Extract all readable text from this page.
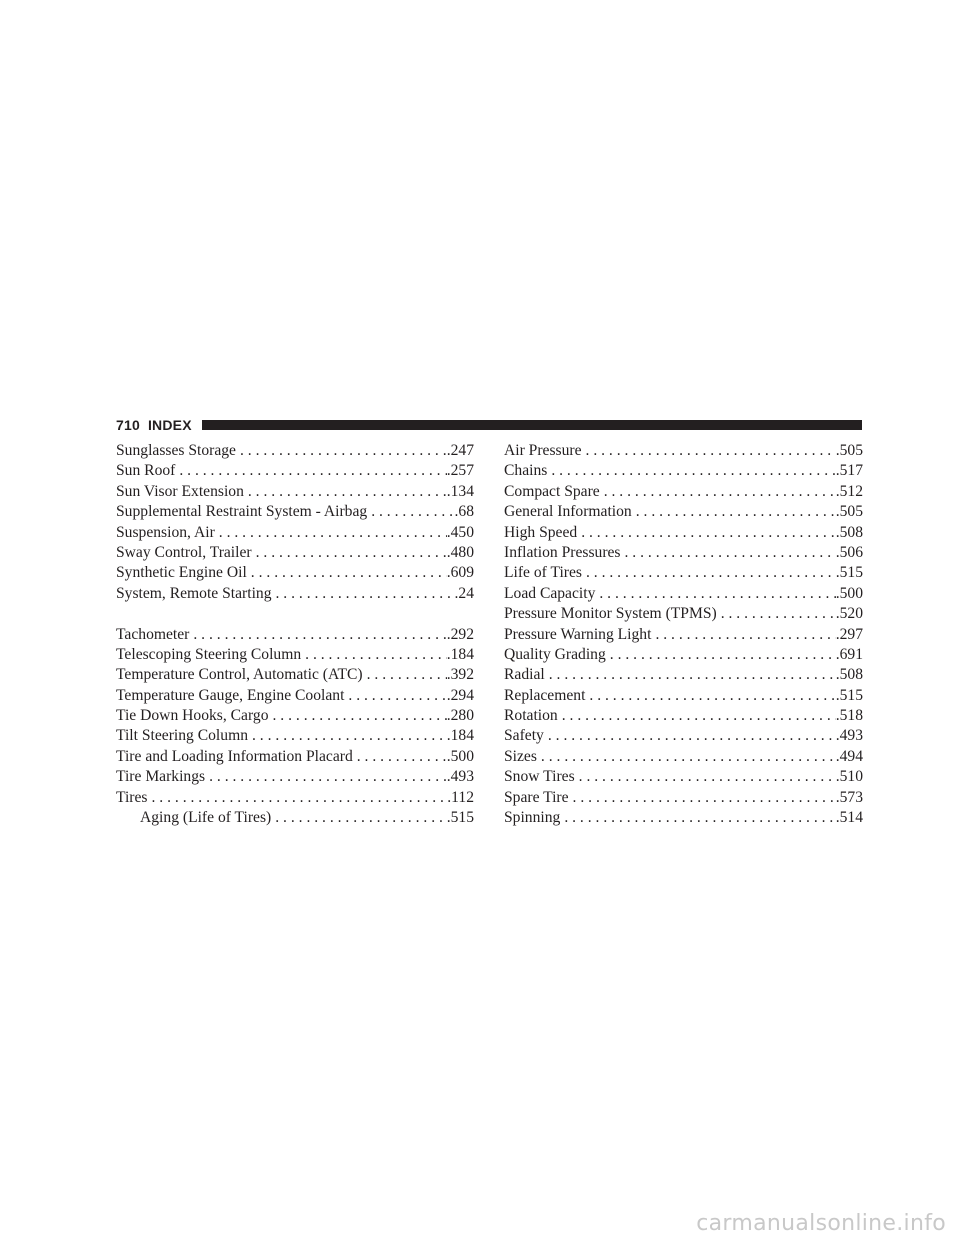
710 INDEX
Sunglasses Storage . . .	.247
Sun Roof . . .	.257
Sun Visor Extension . . .	.134
Supplemental Restraint System - Airbag . . .	.68
Suspension, Air . . .	.450
Sway Control, Trailer . . .	.480
Synthetic Engine Oil . . .	.609
System, Remote Starting . . .	.24
Tachometer . . .	.292
Telescoping Steering Column . . .	.184
Temperature Control, Automatic (ATC) . . .	.392
Temperature Gauge, Engine Coolant . . .	.294
Tie Down Hooks, Cargo . . .	.280
Tilt Steering Column . . .	.184
Tire and Loading Information Placard . . .	.500
Tire Markings . . .	.493
Tires . . .	.112
Aging (Life of Tires) . . .	.515
Air Pressure . . .	.505
Chains . . .	.517
Compact Spare . . .	.512
General Information . . .	.505
High Speed . . .	.508
Inflation Pressures . . .	.506
Life of Tires . . .	.515
Load Capacity . . .	.500
Pressure Monitor System (TPMS) . . .	.520
Pressure Warning Light . . .	.297
Quality Grading . . .	.691
Radial . . .	.508
Replacement . . .	.515
Rotation . . .	.518
Safety . . .	.493
Sizes . . .	.494
Snow Tires . . .	.510
Spare Tire . . .	.573
Spinning . . .	.514
carmanualsonline.info
